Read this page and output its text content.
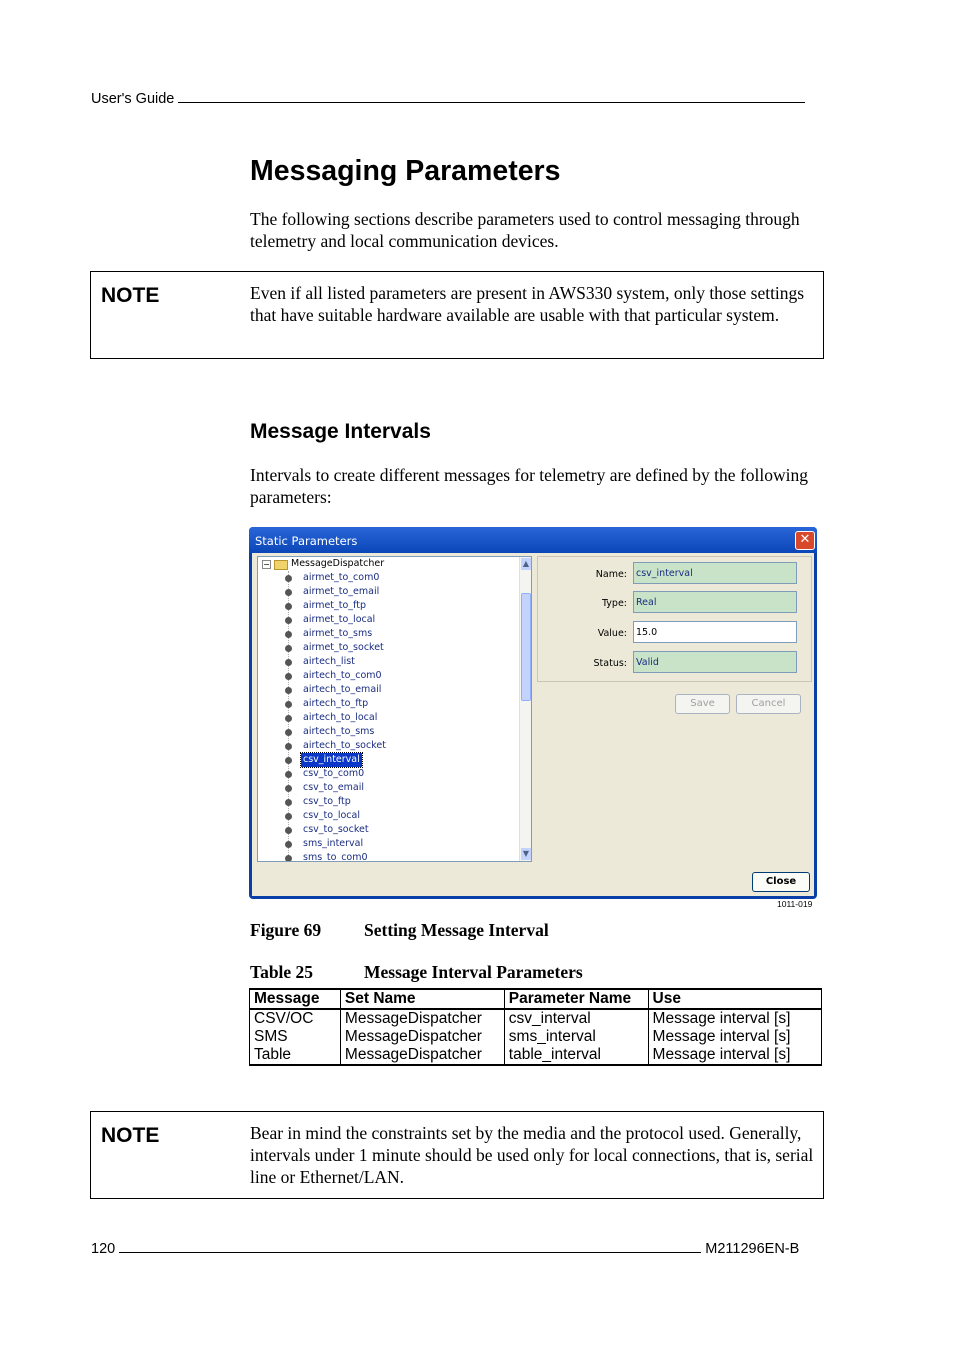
User's Guide
Messaging Parameters
The following sections describe parameters used to control messaging through telemetry and local communication devices.
NOTE	Even if all listed parameters are present in AWS330 system, only those settings that have suitable hardware available are usable with that particular system.
Message Intervals
Intervals to create different messages for telemetry are defined by the following parameters:
Static Parameters	✕
− MessageDispatcher
airmet_to_com0
airmet_to_email
airmet_to_ftp
airmet_to_local
airmet_to_sms
airmet_to_socket
airtech_list
airtech_to_com0
airtech_to_email
airtech_to_ftp
airtech_to_local
airtech_to_sms
airtech_to_socket
csv_interval
csv_to_com0
csv_to_email
csv_to_ftp
csv_to_local
csv_to_socket
sms_interval
sms_to_com0
▲
▼
Name: csv_interval
Type: Real
Value: 15.0
Status: Valid
Save	Cancel
Close
1011-019
Figure 69 Setting Message Interval
Table 25	Message Interval Parameters
Message	Set Name	Parameter Name	Use
CSV/OC	MessageDispatcher	csv_interval	Message interval [s]
SMS	MessageDispatcher	sms_interval	Message interval [s]
Table	MessageDispatcher	table_interval	Message interval [s]
NOTE	Bear in mind the constraints set by the media and the protocol used. Generally, intervals under 1 minute should be used only for local connections, that is, serial line or Ethernet/LAN.
120	M211296EN-B
